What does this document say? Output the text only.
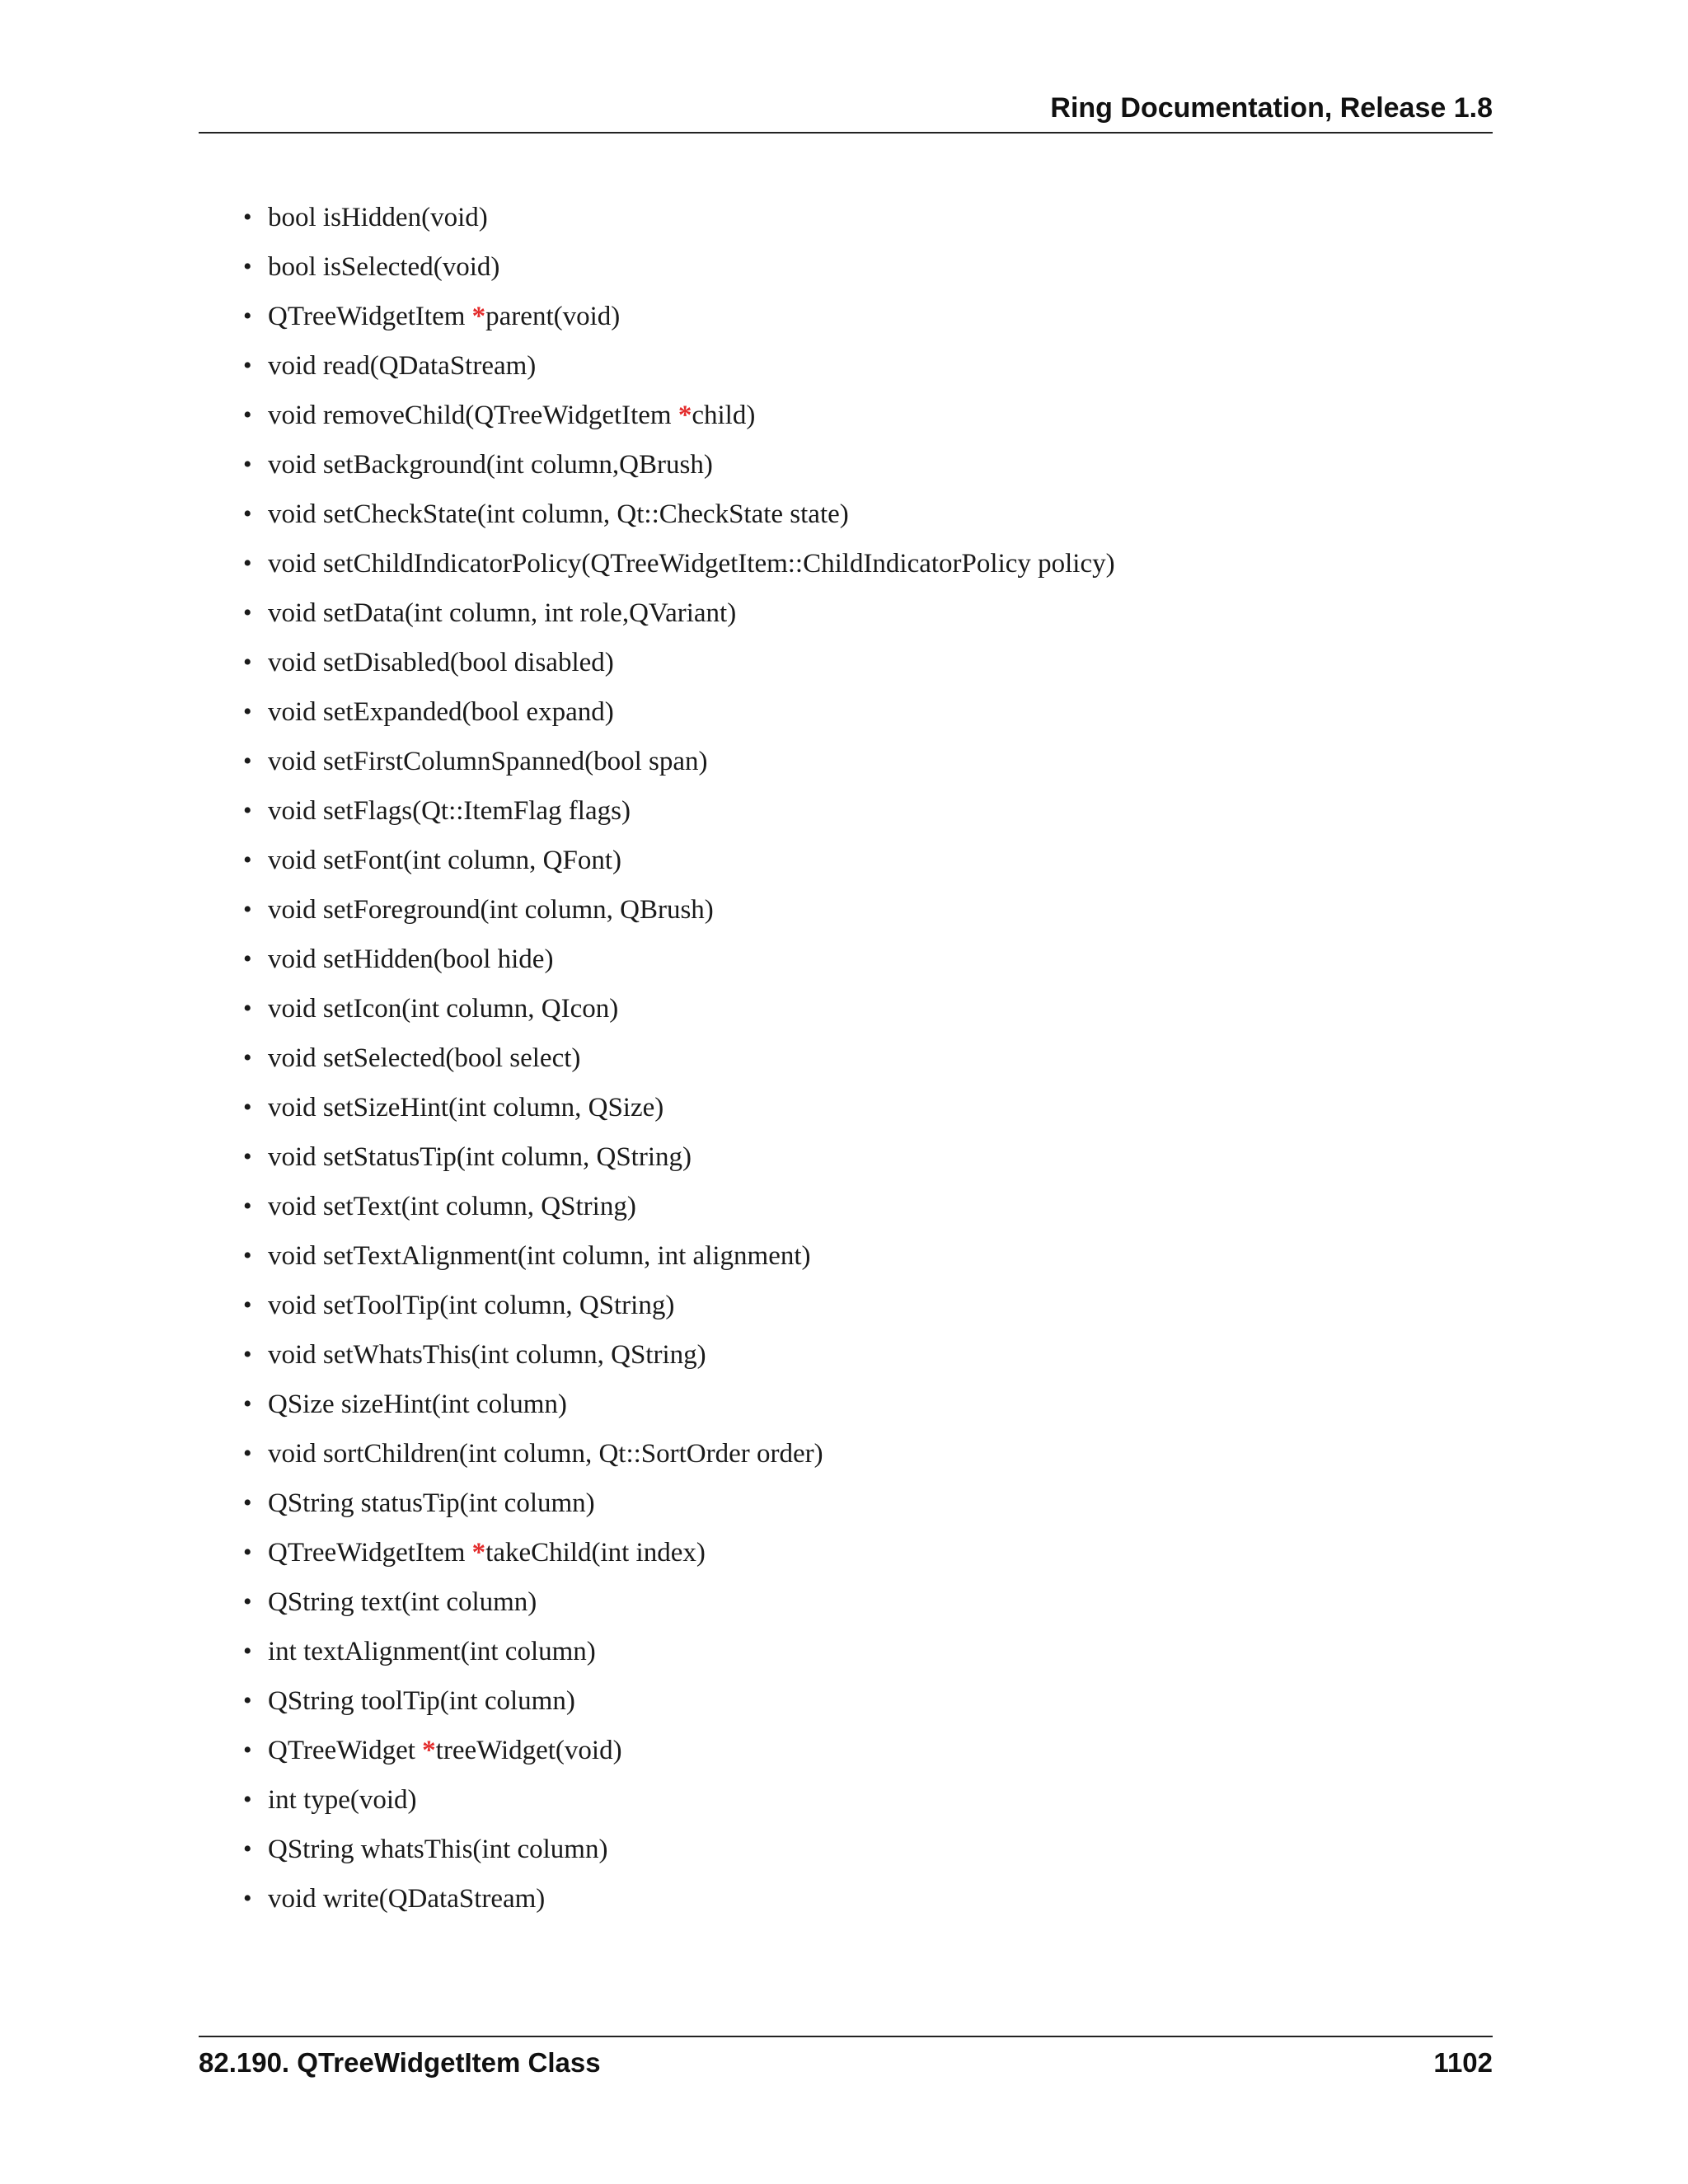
Ring Documentation, Release 1.8
• bool isHidden(void)
• bool isSelected(void)
• QTreeWidgetItem *parent(void)
• void read(QDataStream)
• void removeChild(QTreeWidgetItem *child)
• void setBackground(int column,QBrush)
• void setCheckState(int column, Qt::CheckState state)
• void setChildIndicatorPolicy(QTreeWidgetItem::ChildIndicatorPolicy policy)
• void setData(int column, int role,QVariant)
• void setDisabled(bool disabled)
• void setExpanded(bool expand)
• void setFirstColumnSpanned(bool span)
• void setFlags(Qt::ItemFlag flags)
• void setFont(int column, QFont)
• void setForeground(int column, QBrush)
• void setHidden(bool hide)
• void setIcon(int column, QIcon)
• void setSelected(bool select)
• void setSizeHint(int column, QSize)
• void setStatusTip(int column, QString)
• void setText(int column, QString)
• void setTextAlignment(int column, int alignment)
• void setToolTip(int column, QString)
• void setWhatsThis(int column, QString)
• QSize sizeHint(int column)
• void sortChildren(int column, Qt::SortOrder order)
• QString statusTip(int column)
• QTreeWidgetItem *takeChild(int index)
• QString text(int column)
• int textAlignment(int column)
• QString toolTip(int column)
• QTreeWidget *treeWidget(void)
• int type(void)
• QString whatsThis(int column)
• void write(QDataStream)
82.190. QTreeWidgetItem Class	1102
